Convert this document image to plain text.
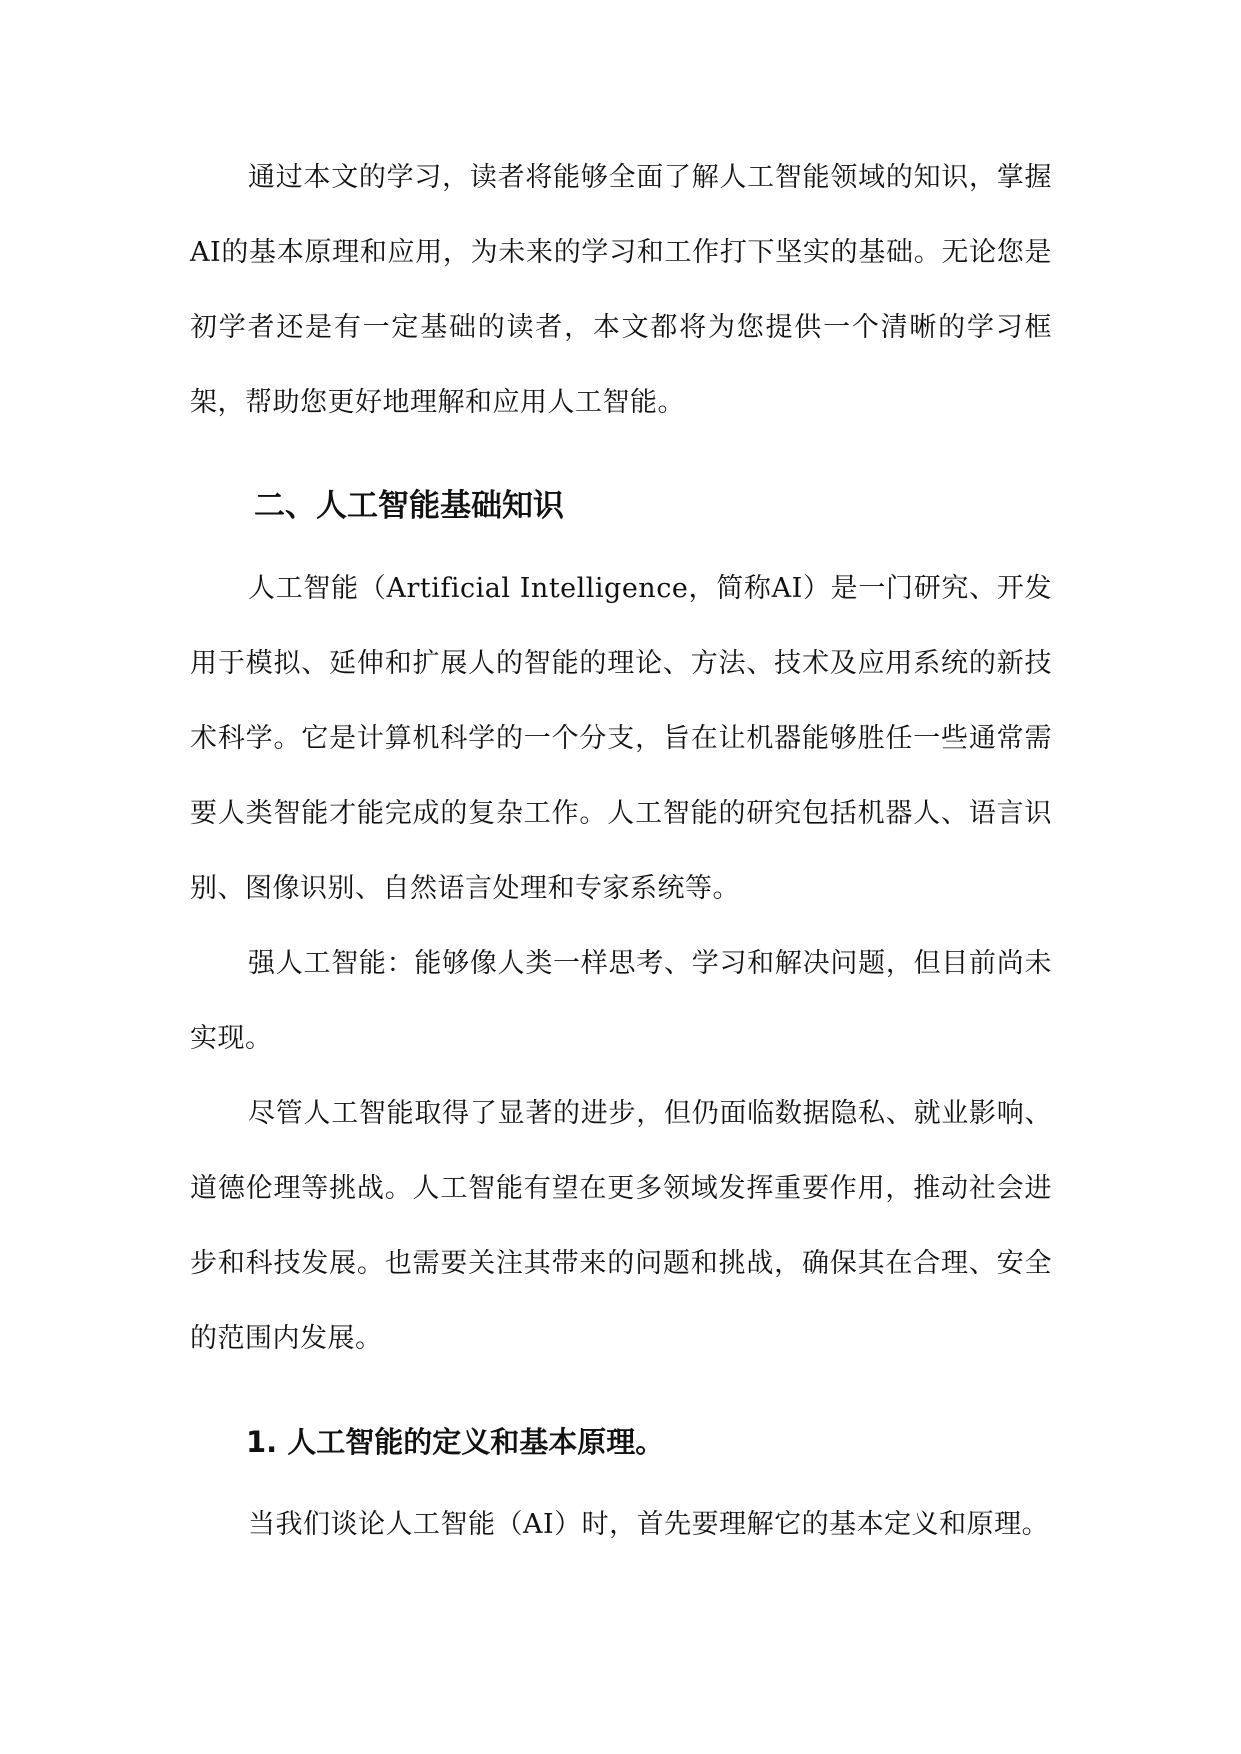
通过本文的学习，读者将能够全面了解人工智能领域的知识，掌握AI的基本原理和应用，为未来的学习和工作打下坚实的基础。无论您是初学者还是有一定基础的读者，本文都将为您提供一个清晰的学习框架，帮助您更好地理解和应用人工智能。

二、人工智能基础知识

人工智能（Artificial Intelligence，简称AI）是一门研究、开发用于模拟、延伸和扩展人的智能的理论、方法、技术及应用系统的新技术科学。它是计算机科学的一个分支，旨在让机器能够胜任一些通常需要人类智能才能完成的复杂工作。人工智能的研究包括机器人、语言识别、图像识别、自然语言处理和专家系统等。

强人工智能：能够像人类一样思考、学习和解决问题，但目前尚未实现。

尽管人工智能取得了显著的进步，但仍面临数据隐私、就业影响、道德伦理等挑战。人工智能有望在更多领域发挥重要作用，推动社会进步和科技发展。也需要关注其带来的问题和挑战，确保其在合理、安全的范围内发展。

1. 人工智能的定义和基本原理。

当我们谈论人工智能（AI）时，首先要理解它的基本定义和原理。
